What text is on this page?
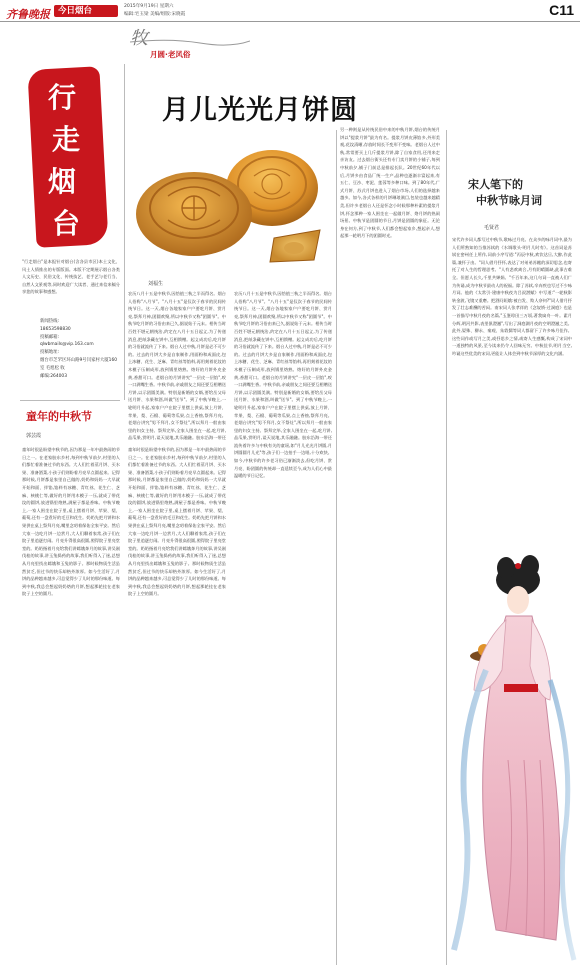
齐鲁晚报 今日烟台	2015年9月19日 星期六
编辑:宅玉梁 美编/组版:宋晓霞	C11
牧
月圆·老风俗
行
走
烟
台
"行走烟台"是本报针对烟台(含各县市区)本土文化、风土人情推出的专版版面。本版不定期展示烟台各类人文历史、民俗文化、传统技艺、老手艺与老行当、自然人文景观等,同时欢迎广大读者、通过来信来稿分享您的故事和感想。
新闻热线:
18653598830
投稿邮箱:
qlwbmails@vip.163.com
投稿地址:
烟台市芝罘区环山路9号闫家村大厦160室 毛旭松 收
邮编:264003
童年的中秋节
郭芸霞
童年时很是盼望中秋节的,因为那是一年中最热闹的节日之一。在老家胶东乡村,每到中秋节前夕,村里的人们都忙着准备过节的东西。大人们忙着蒸月饼、买水果、准备酒菜,小孩子们则盼着月亮早点圆起来。记得那时候,月饼都是家里自己做的,奶奶和妈妈一大早就开始和面、拌馅,馅料有冰糖、青红丝、花生仁、芝麻、核桃仁等,做好的月饼用木模子一压,就成了带花纹的圆饼,放进锅里烙熟,满屋子都是香味。中秋节晚上,一家人围坐在院子里,桌上摆着月饼、苹果、梨、葡萄,还有一盘煮好的毛豆和花生。奶奶先把月饼和水果供在桌上祭拜月亮,嘴里念叨着保佑全家平安。然后大家一边吃月饼一边赏月,大人们聊着家常,孩子们在院子里追逐打闹。月亮升得很高很圆,照得院子里亮堂堂的。奶奶指着月亮给我们讲嫦娥奔月的故事,讲吴刚伐桂的故事,讲玉兔捣药的故事,我们听得入了迷,总想从月亮里找出嫦娥和玉兔的影子。那时候物质生活虽然贫乏,但过节的快乐却格外浓厚。如今生活好了,月饼的品种越来越多,可总觉得少了儿时的那份味道。每到中秋,我总会想起奶奶烙的月饼,想起那轮挂在老家院子上空的圆月。
童年时很是盼望中秋节的,因为那是一年中最热闹的节日之一。在老家胶东乡村,每到中秋节前夕,村里的人们都忙着准备过节的东西。大人们忙着蒸月饼、买水果、准备酒菜,小孩子们则盼着月亮早点圆起来。记得那时候,月饼都是家里自己做的,奶奶和妈妈一大早就开始和面、拌馅,馅料有冰糖、青红丝、花生仁、芝麻、核桃仁等,做好的月饼用木模子一压,就成了带花纹的圆饼,放进锅里烙熟,满屋子都是香味。中秋节晚上,一家人围坐在院子里,桌上摆着月饼、苹果、梨、葡萄,还有一盘煮好的毛豆和花生。奶奶先把月饼和水果供在桌上祭拜月亮,嘴里念叨着保佑全家平安。然后大家一边吃月饼一边赏月,大人们聊着家常,孩子们在院子里追逐打闹。月亮升得很高很圆,照得院子里亮堂堂的。奶奶指着月亮给我们讲嫦娥奔月的故事,讲吴刚伐桂的故事,讲玉兔捣药的故事,我们听得入了迷,总想从月亮里找出嫦娥和玉兔的影子。那时候物质生活虽然贫乏,但过节的快乐却格外浓厚。如今生活好了,月饼的品种越来越多,可总觉得少了儿时的那份味道。每到中秋,我总会想起奶奶烙的月饼,想起那轮挂在老家院子上空的圆月。
月儿光光月饼圆
刘福生
农历八月十五是中秋节,因恰值三秋之半而得名。烟台人俗称"八月节"。"八月十五"是仅次于春节的民间传统节日。这一天,烟台各地家家户户要吃月饼、赏月亮,祭拜月神,团圆欢聚,所以中秋节又称"团圆节"。中秋节吃月饼的习俗由来已久,据说始于元末。相传当时百姓不堪元朝统治,约定在八月十五日起义,为了传递消息,把纸条藏在饼中,互相馈赠。起义成功后,吃月饼的习俗就流传了下来。烟台人过中秋,月饼是必不可少的。过去的月饼大多是自家制作,用面粉和成面皮,包上冰糖、花生、芝麻、青红丝等馅料,再用刻着花纹的木模子压制成形,放到锅里烙熟。烙好的月饼外皮金黄,香甜可口。老烟台的月饼讲究"一层皮一层馅",咬一口满嘴生香。中秋节前,亲戚朋友之间还要互相赠送月饼,以示团圆美满。特别是新婚的女婿,要给岳父母送月饼、水果和酒,叫做"送节"。到了中秋节晚上,一轮明月升起,家家户户在院子里摆上供桌,放上月饼、苹果、梨、石榴、葡萄等瓜果,点上香烛,祭拜月亮。老烟台讲究"男不拜月,女不祭灶",所以拜月一般由家里的妇女主持。祭拜完毕,全家人围坐在一起,吃月饼,品瓜果,赏明月,谈天说地,其乐融融。胶东沿海一带还
农历八月十五是中秋节,因恰值三秋之半而得名。烟台人俗称"八月节"。"八月十五"是仅次于春节的民间传统节日。这一天,烟台各地家家户户要吃月饼、赏月亮,祭拜月神,团圆欢聚,所以中秋节又称"团圆节"。中秋节吃月饼的习俗由来已久,据说始于元末。相传当时百姓不堪元朝统治,约定在八月十五日起义,为了传递消息,把纸条藏在饼中,互相馈赠。起义成功后,吃月饼的习俗就流传了下来。烟台人过中秋,月饼是必不可少的。过去的月饼大多是自家制作,用面粉和成面皮,包上冰糖、花生、芝麻、青红丝等馅料,再用刻着花纹的木模子压制成形,放到锅里烙熟。烙好的月饼外皮金黄,香甜可口。老烟台的月饼讲究"一层皮一层馅",咬一口满嘴生香。中秋节前,亲戚朋友之间还要互相赠送月饼,以示团圆美满。特别是新婚的女婿,要给岳父母送月饼、水果和酒,叫做"送节"。到了中秋节晚上,一轮明月升起,家家户户在院子里摆上供桌,放上月饼、苹果、梨、石榴、葡萄等瓜果,点上香烛,祭拜月亮。老烟台讲究"男不拜月,女不祭灶",所以拜月一般由家里的妇女主持。祭拜完毕,全家人围坐在一起,吃月饼,品瓜果,赏明月,谈天说地,其乐融融。胶东沿海一带还流传着许多与中秋有关的童谣,如"月儿光光月饼圆,月饼圆圆月儿光"等,孩子们一边拍手一边唱,十分欢快。如今,中秋节的许多老习俗已渐渐淡去,但吃月饼、赏月亮、盼团圆的传统却一直延续至今,成为人们心中最温暖的节日记忆。
另一种则是从传统民俗中来的中秋月饼,烟台的传统月饼以"提浆月饼"最为有名。提浆月饼皮薄馅多,外形美观,花纹清晰,存放时间长不变形不变味。老烟台人过中秋,常常要买上几斤提浆月饼,除了自家食用,还用来走亲访友。过去烟台街头还有专门卖月饼的小铺子,每到中秋前夕,铺子门前总是排起长队。20世纪60年代以后,月饼多由食品厂统一生产,品种也逐渐丰富起来,有五仁、豆沙、枣泥、莲蓉等多种口味。到了80年代,广式月饼、苏式月饼也进入了烟台市场,人们的选择越来越多。如今,各式各样的月饼琳琅满目,包装也越来越精美,但许多老烟台人还是怀念小时候那种朴素的提浆月饼,怀念那种一家人围坐在一起做月饼、烙月饼的热闹场景。中秋节是团圆的节日,月饼是团圆的象征。无论身在何方,到了中秋节,人们都会想起家乡,想起亲人,想起那一轮明月下的团圆时光。
宋人笔下的
中秋节咏月词
毛贤君
宋代许多词人都写过中秋节,歌咏过月亮。在众多的咏月词中,最为人们所熟知的当推苏轼的《水调歌头·明月几时有》。这首词是苏轼在密州任上所作,词前小序写道:"丙辰中秋,欢饮达旦,大醉,作此篇,兼怀子由。"词人借月抒怀,表达了对弟弟苏辙的深切思念,也寄托了对人生的哲理思考。"人有悲欢离合,月有阴晴圆缺,此事古难全。但愿人长久,千里共婵娟。"千百年来,这几句词一直被人们广为传诵,成为中秋节最动人的祝福。除了苏轼,辛弃疾也写过不少咏月词。他的《太常引·建康中秋夜为吕叔潜赋》中写道:"一轮秋影转金波,飞镜又重磨。把酒问姮娥:被白发、欺人奈何?"词人借月抒发了壮志难酬的苦闷。南宋词人张孝祥的《念奴娇·过洞庭》也是一首描写中秋月夜的名篇,"玉鉴琼田三万顷,著我扁舟一叶。素月分辉,明河共影,表里俱澄澈",写出了洞庭湖月夜的空明澄澈之美。此外,晏殊、柳永、秦观、朱敦儒等词人都留下了许多咏月佳作。这些词作或写月之美,或抒思乡之情,或寄人生感慨,构成了宋词中一道独特的风景,至今读来仍令人回味无穷。中秋佳节,明月当空,吟诵这些优美的宋词,更能让人体会到中秋节深厚的文化内涵。
